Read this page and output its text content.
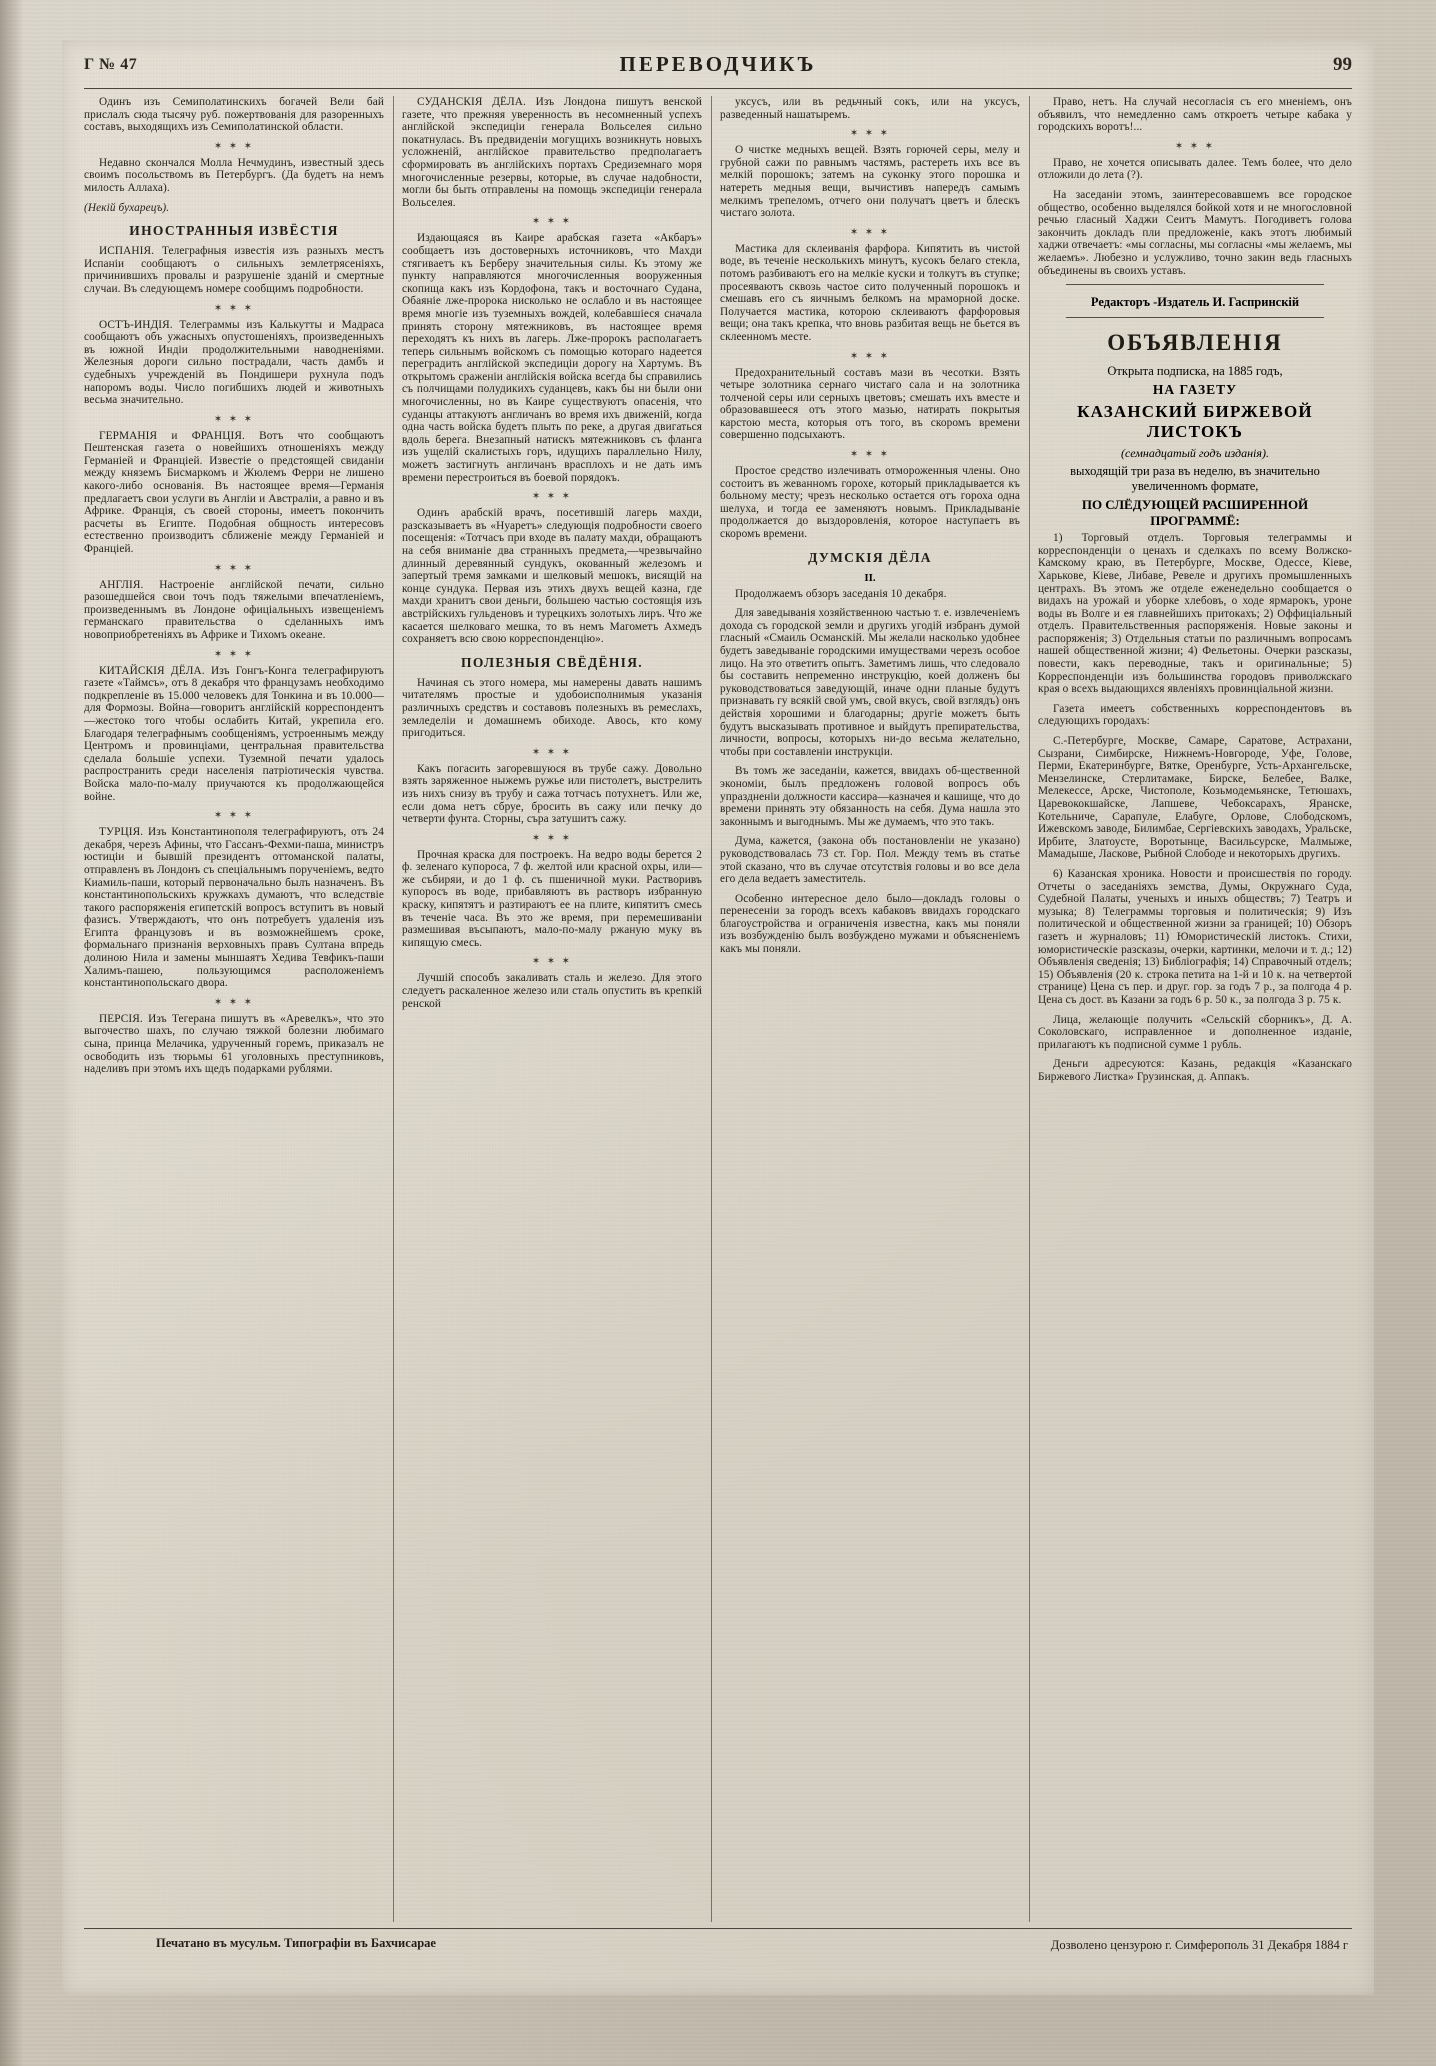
Г № 47	ПЕРЕВОДЧИКЪ	99

Одинъ изъ Семиполатинскихъ богачей Вели бай прислалъ сюда тысячу руб. пожертвованія для разоренныхъ составъ, выходящихъ изъ Семиполатинской области.

✶ ✶ ✶

Недавно скончался Молла Нечмудинъ, известный здесь своимъ посольствомъ въ Петербургъ. (Да будетъ на немъ милость Аллаха).

(Некій бухарецъ).

ИНОСТРАННЫЯ ИЗВЁСТІЯ

ИСПАНІЯ. Телеграфныя известія изъ разныхъ местъ Испаніи сообщаютъ о сильныхъ землетрясеніяхъ, причинившихъ провалы и разрушеніе зданій и смертные случаи. Въ следующемъ номере сообщимъ подробности.

✶ ✶ ✶

ОСТЪ-ИНДІЯ. Телеграммы изъ Калькутты и Мадраса сообщаютъ объ ужасныхъ опустошеніяхъ, произведенныхъ въ южной Индіи продолжительными наводненіями. Железныя дороги сильно пострадали, часть дамбъ и судебныхъ учрежденій въ Пондишери рухнула подъ напоромъ воды. Число погибшихъ людей и животныхъ весьма значительно.

✶ ✶ ✶

ГЕРМАНІЯ и ФРАНЦІЯ. Вотъ что сообщаютъ Пештенская газета о новейшихъ отношеніяхъ между Германіей и Франціей. Известіе о предстоящей свиданіи между княземъ Бисмаркомъ и Жюлемъ Ферри не лишено какого-либо основанія. Въ настоящее время—Германія предлагаетъ свои услуги въ Англіи и Австраліи, а равно и въ Африке. Франція, съ своей стороны, имеетъ покончить расчеты въ Египте. Подобная общность интересовъ естественно производитъ сближеніе между Германіей и Франціей.

✶ ✶ ✶

АНГЛІЯ. Настроеніе англійской печати, сильно разошедшейся свои точъ подъ тяжелыми впечатленіемъ, произведеннымъ въ Лондоне офиціальныхъ извещеніемъ германскаго правительства о сделанныхъ имъ новоприобретеніяхъ въ Африке и Тихомъ океане.

✶ ✶ ✶

КИТАЙСКІЯ ДЁЛА. Изъ Гонгъ-Конга телеграфируютъ газете «Таймсъ», отъ 8 декабря что французамъ необходимо подкрепленіе въ 15.000 человекъ для Тонкина и въ 10.000—для Формозы. Война—говоритъ англійскій корреспондентъ—жестоко того чтобы ослабить Китай, укрепила его. Благодаря телеграфнымъ сообщеніямъ, устроеннымъ между Центромъ и провинціами, центральная правительства сделала большіе успехи. Туземной печати удалось распространить среди населенія патріотическія чувства. Войска мало-по-малу приучаются къ продолжающейся войне.

✶ ✶ ✶

ТУРЦІЯ. Изъ Константинополя телеграфируютъ, отъ 24 декабря, черезъ Афины, что Гассанъ-Фехми-паша, министръ юстиціи и бывшій президентъ оттоманской палаты, отправленъ въ Лондонъ съ спеціальнымъ порученіемъ, ведто Киамиль-паши, который первоначально былъ назначенъ. Въ константинопольскихъ кружкахъ думаютъ, что вследствіе такого распоряженія египетскій вопросъ вступитъ въ новый фазисъ. Утверждаютъ, что онъ потребуетъ удаленія изъ Египта французовъ и въ возможнейшемъ сроке, формальнаго признанія верховныхъ правъ Султана впредь долиною Нила и замены мыншаятъ Хедива Тевфикъ-паши Халимъ-пашею, пользующимся расположеніемъ константинопольскаго двора.

✶ ✶ ✶

ПЕРСІЯ. Изъ Тегерана пишутъ въ «Аревелкъ», что это выгочество шахъ, по случаю тяжкой болезни любимаго сына, принца Мелачика, удрученный горемъ, приказалъ не освободить изъ тюрьмы 61 уголовныхъ преступниковъ, наделивъ при этомъ ихъ щедъ подарками рублями.

СУДАНСКІЯ ДЁЛА. Изъ Лондона пишутъ венской газете, что прежняя уверенность въ несомненный успехъ англійской экспедиціи генерала Вольселея сильно покатнулась. Въ предвиденіи могущихъ возникнуть новыхъ усложненій, англійское правительство предполагаетъ сформировать въ англійскихъ портахъ Средиземнаго моря многочисленные резервы, которые, въ случае надобности, могли бы быть отправлены на помощь экспедиціи генерала Вольселея.

✶ ✶ ✶

Издающаяся въ Каире арабская газета «Акбаръ» сообщаетъ изъ достоверныхъ источниковъ, что Махди стягиваетъ къ Берберу значительныя силы. Къ этому же пункту направляются многочисленныя вооруженныя скопища какъ изъ Кордофона, такъ и восточнаго Судана, Обаяніе лже-пророка нисколько не ослабло и въ настоящее время многіе изъ туземныхъ вождей, колебавшіеся сначала принять сторону мятежниковъ, въ настоящее время переходятъ къ нихъ въ лагерь. Лже-пророкъ располагаетъ теперь сильнымъ войскомъ съ помощью котораго надеется переградить англійской экспедиціи дорогу на Хартумъ. Въ открытомъ сраженіи англійскія войска всегда бы справились съ полчищами полудикихъ суданцевъ, какъ бы ни были они многочисленны, но въ Каире существуютъ опасенія, что суданцы аттакуютъ англичанъ во время ихъ движеній, когда одна часть войска будетъ плыть по реке, а другая двигаться вдоль берега. Внезапный натискъ мятежниковъ съ фланга изъ ущелій скалистыхъ горъ, идущихъ параллельно Нилу, можетъ застигнуть англичанъ врасплохъ и не дать имъ времени перестроиться въ боевой порядокъ.

✶ ✶ ✶

Одинъ арабскій врачъ, посетившій лагерь махди, разсказываетъ въ «Нуаретъ» следующія подробности своего посещенія: «Тотчасъ при входе въ палату махди, обращаютъ на себя вниманіе два странныхъ предмета,—чрезвычайно длинный деревянный сундукъ, окованный железомъ и запертый тремя замками и шелковый мешокъ, висящій на конце сундука. Первая изъ этихъ двухъ вещей казна, где махди хранитъ свои деньги, большею частью состоящія изъ австрійскихъ гульденовъ и турецкихъ золотыхъ лиръ. Что же касается шелковаго мешка, то въ немъ Магометъ Ахмедъ сохраняетъ всю свою корреспонденцію».

ПОЛЕЗНЫЯ СВЁДЁНІЯ.

Начиная съ этого номера, мы намерены давать нашимъ читателямъ простые и удобоисполнимыя указанія различныхъ средствъ и составовъ полезныхъ въ ремеслахъ, земледеліи и домашнемъ обиходе. Авось, кто кому пригодиться.

✶ ✶ ✶

Какъ погасить загоревшуюся въ трубе сажу. Довольно взять заряженное ныжемъ ружье или пистолетъ, выстрелить изъ нихъ снизу въ трубу и сажа тотчасъ потухнетъ. Или же, если дома нетъ сбруе, бросить въ сажу или печку до четверти фунта. Сторны, съра затушитъ сажу.

✶ ✶ ✶

Прочная краска для построекъ. На ведро воды берется 2 ф. зеленаго купороса, 7 ф. желтой или красной охры, или—же събиряи, и до 1 ф. съ пшеничной муки. Растворивъ купоросъ въ воде, прибавляютъ въ растворъ избранную краску, кипятятъ и разтираютъ ее на плите, кипятитъ смесь въ теченіе часа. Въ это же время, при перемешиваніи размешивая въсыпаютъ, мало-по-малу ржаную муку въ кипящую смесь.

✶ ✶ ✶

Лучшій способъ закаливать сталь и железо. Для этого следуетъ раскаленное железо или сталь опустить въ крепкій ренской

уксусъ, или въ редьчный сокъ, или на уксусъ, разведенный нашатыремъ.

✶ ✶ ✶

О чистке медныхъ вещей. Взять горючей серы, мелу и грубной сажи по равнымъ частямъ, растереть ихъ все въ мелкій порошокъ; затемъ на суконку этого порошка и натереть медныя вещи, вычистивъ напередъ самымъ мелкимъ трепеломъ, отчего они получатъ цветъ и блескъ чистаго золота.

✶ ✶ ✶

Мастика для склеиванія фарфора. Кипятить въ чистой воде, въ теченіе несколькихъ минутъ, кусокъ белаго стекла, потомъ разбиваютъ его на мелкіе куски и толкутъ въ ступке; просеяваютъ сквозь частое сито полученный порошокъ и смешавъ его съ яичнымъ белкомъ на мраморной доске. Получается мастика, которою склеиваютъ фарфоровыя вещи; она такъ крепка, что вновь разбитая вещь не бьется въ склеенномъ месте.

✶ ✶ ✶

Предохранительный составъ мази въ чесотки. Взять четыре золотника сернаго чистаго сала и на золотника толченой серы или серныхъ цветовъ; смешать ихъ вместе и образовавшееся отъ этого мазью, натирать покрытыя карстою места, которыя отъ того, въ скоромъ времени совершенно подсыхаютъ.

✶ ✶ ✶

Простое средство излечивать отмороженныя члены. Оно состоитъ въ жеванномъ горохе, который прикладывается къ больному месту; чрезъ несколько остается отъ гороха одна шелуха, и тогда ее заменяютъ новымъ. Прикладываніе продолжается до выздоровленія, которое наступаетъ въ скоромъ времени.

ДУМСКІЯ ДЁЛА
II.

Продолжаемъ обзоръ заседанія 10 декабря.

Для заведыванія хозяйственною частью т. е. извлеченіемъ дохода съ городской земли и другихъ угодій избранъ думой гласный «Смаиль Османскій. Мы желали насколько удобнее будетъ заведываніе городскими имуществами черезъ особое лицо. На это ответитъ опытъ. Заметимъ лишь, что следовало бы составить непременно инструкцію, коей долженъ бы руководствоваться заведующій, иначе одни планые будутъ признавать гу всякій свой умъ, свой вкусъ, свой взглядъ) онъ действія хорошими и благодарны; другіе можетъ быть будутъ высказывать противное и выйдутъ препирательства, личности, вопросы, которыхъ ни-до весьма желательно, чтобы при составленіи инструкціи.

Въ томъ же заседаніи, кажется, ввидахъ об-щественной экономіи, былъ предложенъ головой вопросъ объ упраздненіи должности кассира—казначея и кашище, что до времени принять эту обязанность на себя. Дума нашла это законнымъ и выгоднымъ. Мы же думаемъ, что это такъ.

Дума, кажется, (закона объ постановленіи не указано) руководствовалась 73 ст. Гор. Пол. Между темъ въ статье этой сказано, что въ случае отсутствія головы и во все дела его дела ведаетъ заместитель.

Особенно интересное дело было—докладъ головы о перенесеніи за городъ всехъ кабаковъ ввидахъ городскаго благоустройства и ограниченія известна, какъ мы поняли изъ возбужденію былъ возбуждено мужами и объясненіемъ какъ мы поняли.

Право, нетъ. На случай несогласія съ его мненіемъ, онъ объявилъ, что немедленно самъ откроетъ четыре кабака у городскихъ воротъ!...

✶ ✶ ✶

Право, не хочется описывать далее. Темъ более, что дело отложили до лета (?).

На заседаніи этомъ, заинтересовавшемъ все городское общество, особенно выделялся бойкой хотя и не многословной речью гласный Хаджи Сеитъ Мамутъ. Погодиветъ голова закончить докладъ пли предложеніе, какъ этотъ любимый хаджи отвечаетъ: «мы согласны, мы согласны «мы желаемъ, мы желаемъ». Любезно и услужливо, точно закин ведь гласныхъ объединены въ своихъ уставъ.

Редакторъ -Издатель И. Гаспринскій
ОБЪЯВЛЕНІЯ
Открыта подписка, на 1885 годъ,
НА ГАЗЕТУ
КАЗАНСКИЙ БИРЖЕВОЙ ЛИСТОКЪ
(семнадцатый годъ изданія).
выходящій три раза въ неделю, въ значительно увеличенномъ формате,
ПО СЛЁДУЮЩЕЙ РАСШИРЕННОЙ ПРОГРАММЁ:

1) Торговый отделъ. Торговыя телеграммы и корреспонденціи о ценахъ и сделкахъ по всему Волжско-Камскому краю, въ Петербурге, Москве, Одессе, Кіеве, Харькове, Кіеве, Либаве, Ревеле и другихъ промышленныхъ центрахъ. Въ этомъ же отделе еженедельно сообщается о видахъ на урожай и уборке хлебовъ, о ходе ярмарокъ, уроне воды въ Волге и ея главнейшихъ притокахъ; 2) Оффиціальный отделъ. Правительственныя распоряженія. Новые законы и распоряженія; 3) Отдельныя статьи по различнымъ вопросамъ нашей общественной жизни; 4) Фельетоны. Очерки разсказы, повести, какъ переводные, такъ и оригинальные; 5) Корреспонденціи изъ большинства городовъ приволжскаго края о всехъ выдающихся явленіяхъ провинціальной жизни.

Газета имеетъ собственныхъ корреспондентовъ въ следующихъ городахъ:

С.-Петербурге, Москве, Самаре, Саратове, Астрахани, Сызрани, Симбирске, Нижнемъ-Новгороде, Уфе, Голове, Перми, Екатеринбурге, Вятке, Оренбурге, Усть-Архангельске, Мензелинске, Стерлитамаке, Бирске, Белебее, Валке, Мелекессе, Арске, Чистополе, Козьмодемьянске, Тетюшахъ, Царевококшайске, Лапшеве, Чебоксарахъ, Яранске, Котельниче, Сарапуле, Елабуге, Орлове, Слободскомъ, Ижевскомъ заводе, Билимбае, Сергіевскихъ заводахъ, Уральске, Ирбите, Златоусте, Воротынце, Васильсурске, Малмыже, Мамадыше, Ласкове, Рыбной Слободе и некоторыхъ другихъ.

6) Казанская хроника. Новости и происшествія по городу. Отчеты о заседаніяхъ земства, Думы, Окружнаго Суда, Судебной Палаты, ученыхъ и иныхъ обществъ; 7) Театръ и музыка; 8) Телеграммы торговыя и политическія; 9) Изъ политической и общественной жизни за границей; 10) Обзоръ газетъ и журналовъ; 11) Юмористическій листокъ. Стихи, юмористическіе разсказы, очерки, картинки, мелочи и т. д.; 12) Объявленія сведенія; 13) Библіографія; 14) Справочный отделъ; 15) Объявленія (20 к. строка петита на 1-й и 10 к. на четвертой странице) Цена съ пер. и друг. гор. за годъ 7 р., за полгода 4 р. Цена съ дост. въ Казани за годъ 6 р. 50 к., за полгода 3 р. 75 к.

Лица, желающіе получить «Сельскій сборникъ», Д. А. Соколовскаго, исправленное и дополненное изданіе, прилагаютъ къ подписной сумме 1 рубль.

Деньги адресуются: Казань, редакція «Казанскаго Биржевого Листка» Грузинская, д. Аппакъ.

Печатано въ мусульм. Типографіи въ Бахчисарае	Дозволено цензурою г. Симферополь 31 Декабря 1884 г
